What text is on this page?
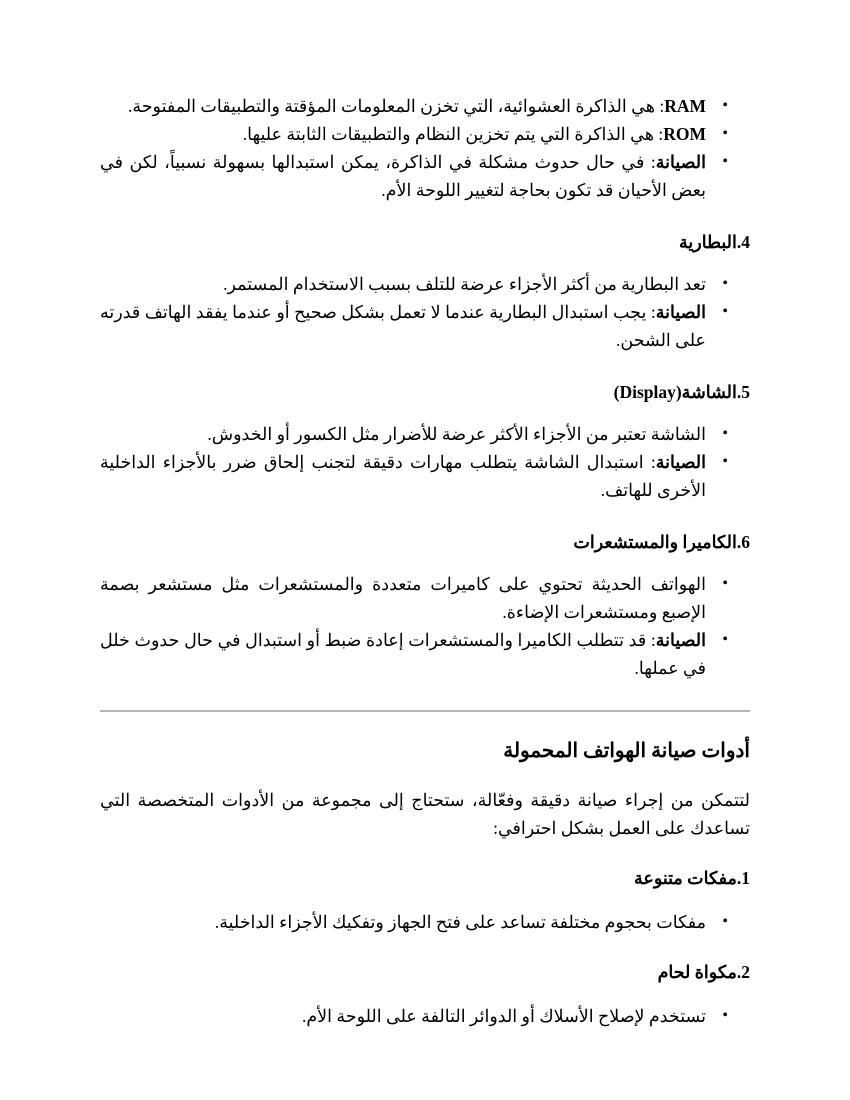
•
RAM: هي الذاكرة العشوائية، التي تخزن المعلومات المؤقتة والتطبيقات المفتوحة.
•
ROM: هي الذاكرة التي يتم تخزين النظام والتطبيقات الثابتة عليها.
•
الصيانة: في حال حدوث مشكلة في الذاكرة، يمكن استبدالها بسهولة نسبياً، لكن في بعض الأحيان قد تكون بحاجة لتغيير اللوحة الأم.
4.البطارية
•
تعد البطارية من أكثر الأجزاء عرضة للتلف بسبب الاستخدام المستمر.
•
الصيانة: يجب استبدال البطارية عندما لا تعمل بشكل صحيح أو عندما يفقد الهاتف قدرته على الشحن.
5.الشاشة(Display)
•
الشاشة تعتبر من الأجزاء الأكثر عرضة للأضرار مثل الكسور أو الخدوش.
•
الصيانة: استبدال الشاشة يتطلب مهارات دقيقة لتجنب إلحاق ضرر بالأجزاء الداخلية الأخرى للهاتف.
6.الكاميرا والمستشعرات
•
الهواتف الحديثة تحتوي على كاميرات متعددة والمستشعرات مثل مستشعر بصمة الإصبع ومستشعرات الإضاءة.
•
الصيانة: قد تتطلب الكاميرا والمستشعرات إعادة ضبط أو استبدال في حال حدوث خلل في عملها.
أدوات صيانة الهواتف المحمولة

لتتمكن من إجراء صيانة دقيقة وفعّالة، ستحتاج إلى مجموعة من الأدوات المتخصصة التي تساعدك على العمل بشكل احترافي:

1.مفكات متنوعة
•
مفكات بحجوم مختلفة تساعد على فتح الجهاز وتفكيك الأجزاء الداخلية.
2.مكواة لحام
•
تستخدم لإصلاح الأسلاك أو الدوائر التالفة على اللوحة الأم.
